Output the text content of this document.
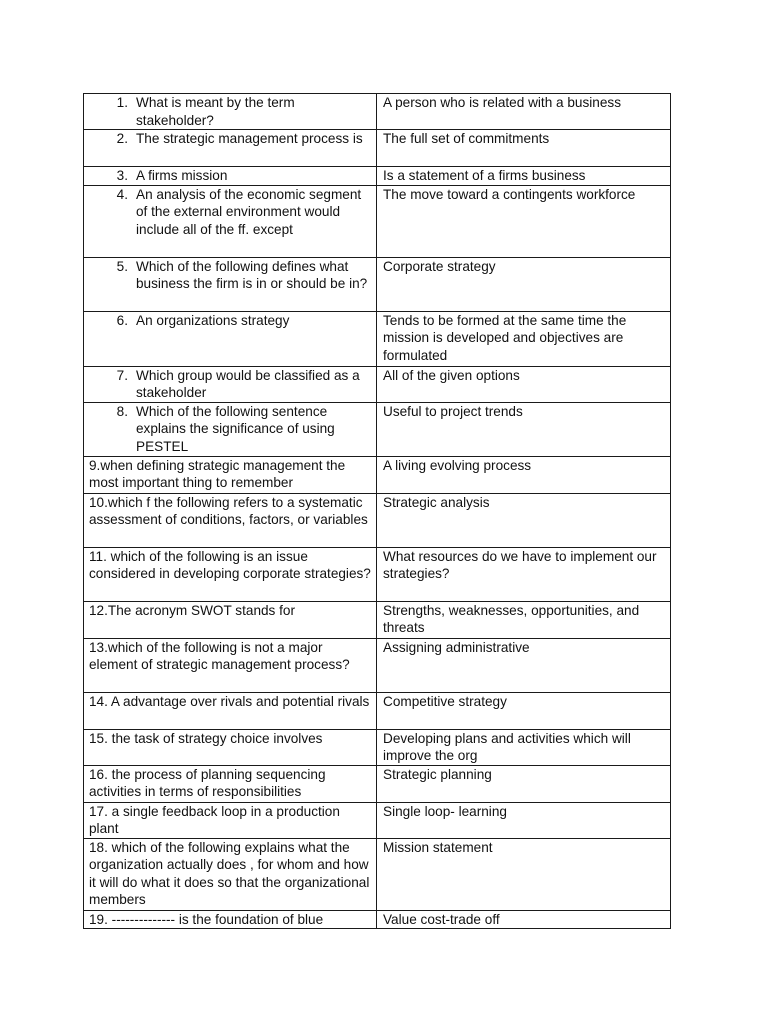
1. What is meant by the term stakeholder?	A person who is related with a business

2. The strategic management process is	The full set of commitments

3. A firms mission	Is a statement of a firms business

4. An analysis of the economic segment of the external environment would include all of the ff. except	The move toward a contingents workforce

5. Which of the following defines what business the firm is in or should be in?	Corporate strategy

6. An organizations strategy	Tends to be formed at the same time the mission is developed and objectives are formulated

7. Which group would be classified as a stakeholder	All of the given options

8. Which of the following sentence explains the significance of using PESTEL	Useful to project trends
9.when defining strategic management the most important thing to remember	A living evolving process
10.which f the following refers to a systematic assessment of conditions, factors, or variables	Strategic analysis
11. which of the following is an issue considered in developing corporate strategies?	What resources do we have to implement our strategies?
12.The acronym SWOT stands for	Strengths, weaknesses, opportunities, and threats
13.which of the following is not a major element of strategic management process?	Assigning administrative
14. A advantage over rivals and potential rivals	Competitive strategy
15. the task of strategy choice involves	Developing plans and activities which will improve the org
16. the process of planning sequencing activities in terms of responsibilities	Strategic planning
17. a single feedback loop in a production plant	Single loop- learning
18. which of the following explains what the organization actually does , for whom and how it will do what it does so that the organizational members	Mission statement
19. -------------- is the foundation of blue	Value cost-trade off
